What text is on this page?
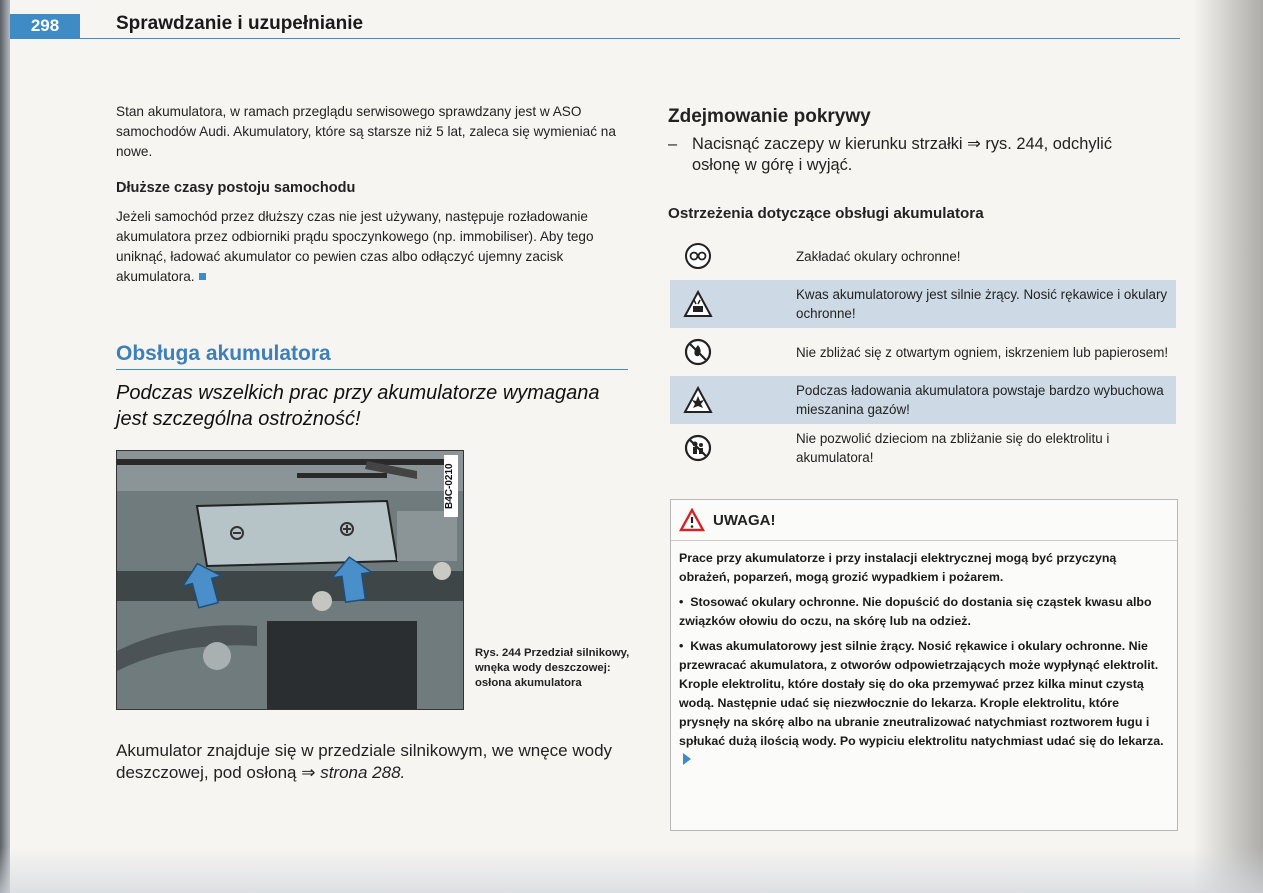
298	Sprawdzanie i uzupełnianie

Stan akumulatora, w ramach przeglądu serwisowego sprawdzany jest w ASO samochodów Audi. Akumulatory, które są starsze niż 5 lat, zaleca się wymieniać na nowe.

Dłuższe czasy postoju samochodu

Jeżeli samochód przez dłuższy czas nie jest używany, następuje rozładowanie akumulatora przez odbiorniki prądu spoczynkowego (np. immobiliser). Aby tego uniknąć, ładować akumulator co pewien czas albo odłączyć ujemny zacisk akumulatora.

Obsługa akumulatora
Podczas wszelkich prac przy akumulatorze wymagana jest szczególna ostrożność!
B4C-0210
Rys. 244 Przedział silnikowy, wnęka wody deszczowej: osłona akumulatora
Akumulator znajduje się w przedziale silnikowym, we wnęce wody deszczowej, pod osłoną ⇒ strona 288.
Zdejmowanie pokrywy
– Nacisnąć zaczepy w kierunku strzałki ⇒ rys. 244, odchylić osłonę w górę i wyjąć.
Ostrzeżenia dotyczące obsługi akumulatora
Zakładać okulary ochronne!
Kwas akumulatorowy jest silnie żrący. Nosić rękawice i okulary ochronne!
Nie zbliżać się z otwartym ogniem, iskrzeniem lub papierosem!
Podczas ładowania akumulatora powstaje bardzo wybuchowa mieszanina gazów!
Nie pozwolić dzieciom na zbliżanie się do elektrolitu i akumulatora!
UWAGA!

Prace przy akumulatorze i przy instalacji elektrycznej mogą być przyczyną obrażeń, poparzeń, mogą grozić wypadkiem i pożarem.

•  Stosować okulary ochronne. Nie dopuścić do dostania się cząstek kwasu albo związków ołowiu do oczu, na skórę lub na odzież.

•  Kwas akumulatorowy jest silnie żrący. Nosić rękawice i okulary ochronne. Nie przewracać akumulatora, z otworów odpowietrzających może wypłynąć elektrolit. Krople elektrolitu, które dostały się do oka przemywać przez kilka minut czystą wodą. Następnie udać się niezwłocznie do lekarza. Krople elektrolitu, które prysnęły na skórę albo na ubranie zneutralizować natychmiast roztworem ługu i spłukać dużą ilością wody. Po wypiciu elektrolitu natychmiast udać się do lekarza.
